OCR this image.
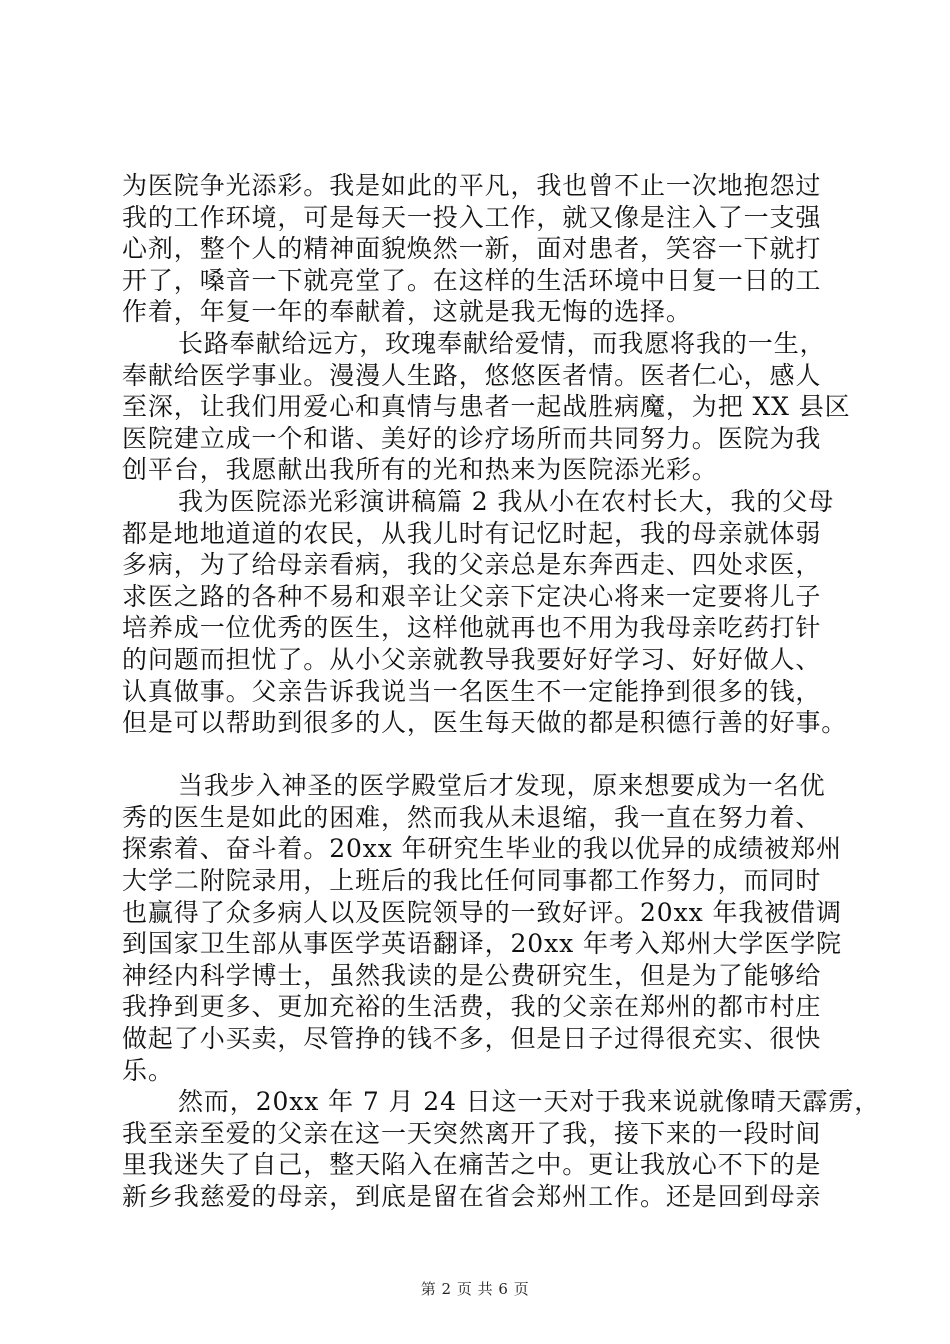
为医院争光添彩。我是如此的平凡，我也曾不止一次地抱怨过
我的工作环境，可是每天一投入工作，就又像是注入了一支强
心剂，整个人的精神面貌焕然一新，面对患者，笑容一下就打
开了，嗓音一下就亮堂了。在这样的生活环境中日复一日的工
作着，年复一年的奉献着，这就是我无悔的选择。
长路奉献给远方，玫瑰奉献给爱情，而我愿将我的一生，
奉献给医学事业。漫漫人生路，悠悠医者情。医者仁心，感人
至深，让我们用爱心和真情与患者一起战胜病魔，为把 XX 县区
医院建立成一个和谐、美好的诊疗场所而共同努力。医院为我
创平台，我愿献出我所有的光和热来为医院添光彩。
我为医院添光彩演讲稿篇 2 我从小在农村长大，我的父母
都是地地道道的农民，从我儿时有记忆时起，我的母亲就体弱
多病，为了给母亲看病，我的父亲总是东奔西走、四处求医，
求医之路的各种不易和艰辛让父亲下定决心将来一定要将儿子
培养成一位优秀的医生，这样他就再也不用为我母亲吃药打针
的问题而担忧了。从小父亲就教导我要好好学习、好好做人、
认真做事。父亲告诉我说当一名医生不一定能挣到很多的钱，
但是可以帮助到很多的人，医生每天做的都是积德行善的好事。
当我步入神圣的医学殿堂后才发现，原来想要成为一名优
秀的医生是如此的困难，然而我从未退缩，我一直在努力着、
探索着、奋斗着。20xx 年研究生毕业的我以优异的成绩被郑州
大学二附院录用，上班后的我比任何同事都工作努力，而同时
也赢得了众多病人以及医院领导的一致好评。20xx 年我被借调
到国家卫生部从事医学英语翻译，20xx 年考入郑州大学医学院
神经内科学博士，虽然我读的是公费研究生，但是为了能够给
我挣到更多、更加充裕的生活费，我的父亲在郑州的都市村庄
做起了小买卖，尽管挣的钱不多，但是日子过得很充实、很快
乐。
然而，20xx 年 7 月 24 日这一天对于我来说就像晴天霹雳，
我至亲至爱的父亲在这一天突然离开了我，接下来的一段时间
里我迷失了自己，整天陷入在痛苦之中。更让我放心不下的是
新乡我慈爱的母亲，到底是留在省会郑州工作。还是回到母亲
第 2 页 共 6 页
